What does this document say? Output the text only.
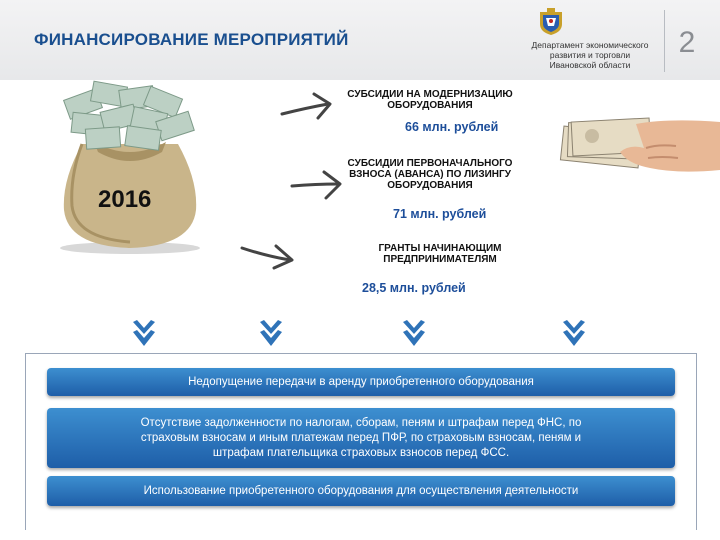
ФИНАНСИРОВАНИЕ МЕРОПРИЯТИЙ	Департамент экономического
развития и торговли
Ивановской области
2
2016
СУБСИДИИ НА МОДЕРНИЗАЦИЮ
ОБОРУДОВАНИЯ
66 млн. рублей
СУБСИДИИ ПЕРВОНАЧАЛЬНОГО
ВЗНОСА (АВАНСА) ПО ЛИЗИНГУ
ОБОРУДОВАНИЯ
71 млн. рублей
ГРАНТЫ НАЧИНАЮЩИМ
ПРЕДПРИНИМАТЕЛЯМ
28,5 млн. рублей
Недопущение передачи в аренду приобретенного оборудования
Отсутствие задолженности по налогам, сборам, пеням и штрафам перед ФНС, по
страховым взносам и иным платежам перед ПФР, по страховым взносам, пеням и
штрафам плательщика страховых взносов перед ФСС.
Использование приобретенного оборудования для осуществления деятельности
